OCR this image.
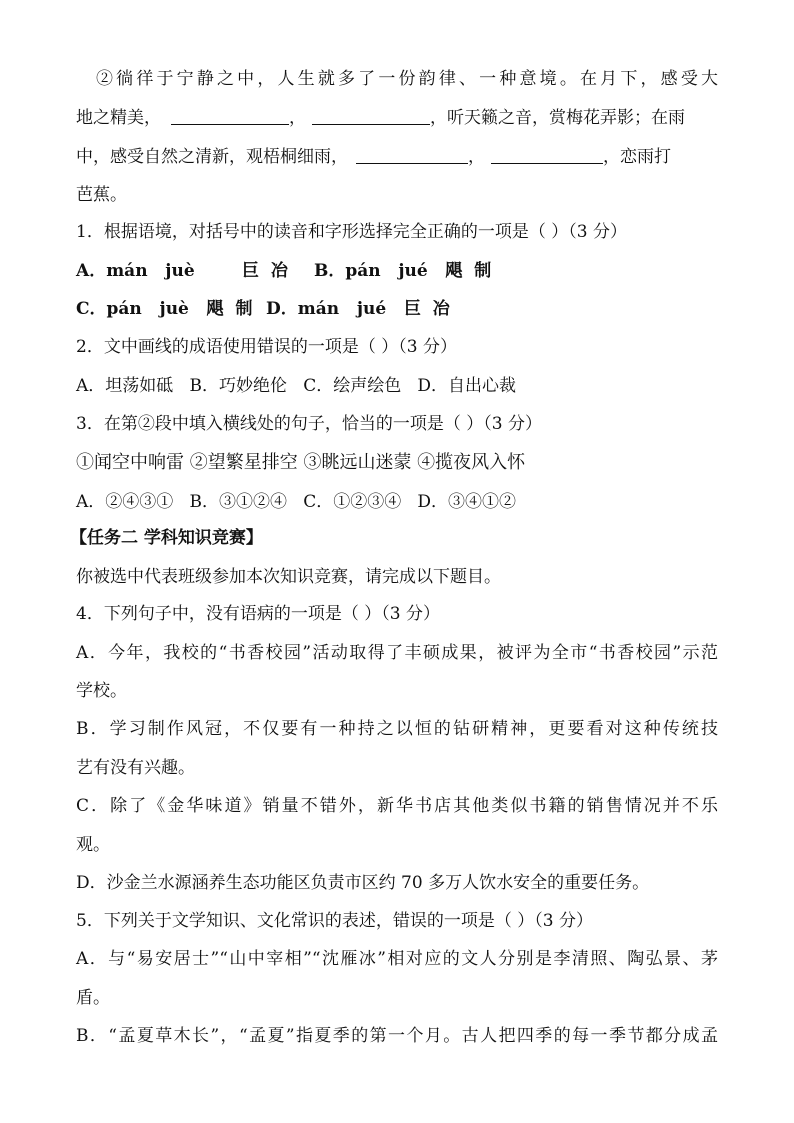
②徜徉于宁静之中，人生就多了一份韵律、一种意境。在月下，感受大
地之精美，	，	，听天籁之音，赏梅花弄影；在雨
中，感受自然之清新，观梧桐细雨，	，	，恋雨打
芭蕉。
1．根据语境，对括号中的读音和字形选择完全正确的一项是（ ）（3 分）
A．mán   juè        巨  冶 B．pán   jué   飓  制
C．pán   juè   飓  制 D．mán   jué   巨  冶
2．文中画线的成语使用错误的一项是（ ）（3 分）
A．坦荡如砥   B．巧妙绝伦   C．绘声绘色   D．自出心裁
3．在第②段中填入横线处的句子，恰当的一项是（ ）（3 分）
①闻空中响雷 ②望繁星排空 ③眺远山迷蒙 ④揽夜风入怀
A．②④③①   B．③①②④   C．①②③④   D．③④①②
【任务二 学科知识竞赛】
你被选中代表班级参加本次知识竞赛，请完成以下题目。
4．下列句子中，没有语病的一项是（ ）（3 分）
A．今年，我校的“书香校园”活动取得了丰硕成果，被评为全市“书香校园”示范
学校。
B．学习制作风冠，不仅要有一种持之以恒的钻研精神，更要看对这种传统技
艺有没有兴趣。
C．除了《金华味道》销量不错外，新华书店其他类似书籍的销售情况并不乐
观。
D．沙金兰水源涵养生态功能区负责市区约 70 多万人饮水安全的重要任务。
5．下列关于文学知识、文化常识的表述，错误的一项是（ ）（3 分）
A．与“易安居士”“山中宰相”“沈雁冰”相对应的文人分别是李清照、陶弘景、茅
盾。
B．“孟夏草木长”，“孟夏”指夏季的第一个月。古人把四季的每一季节都分成孟
